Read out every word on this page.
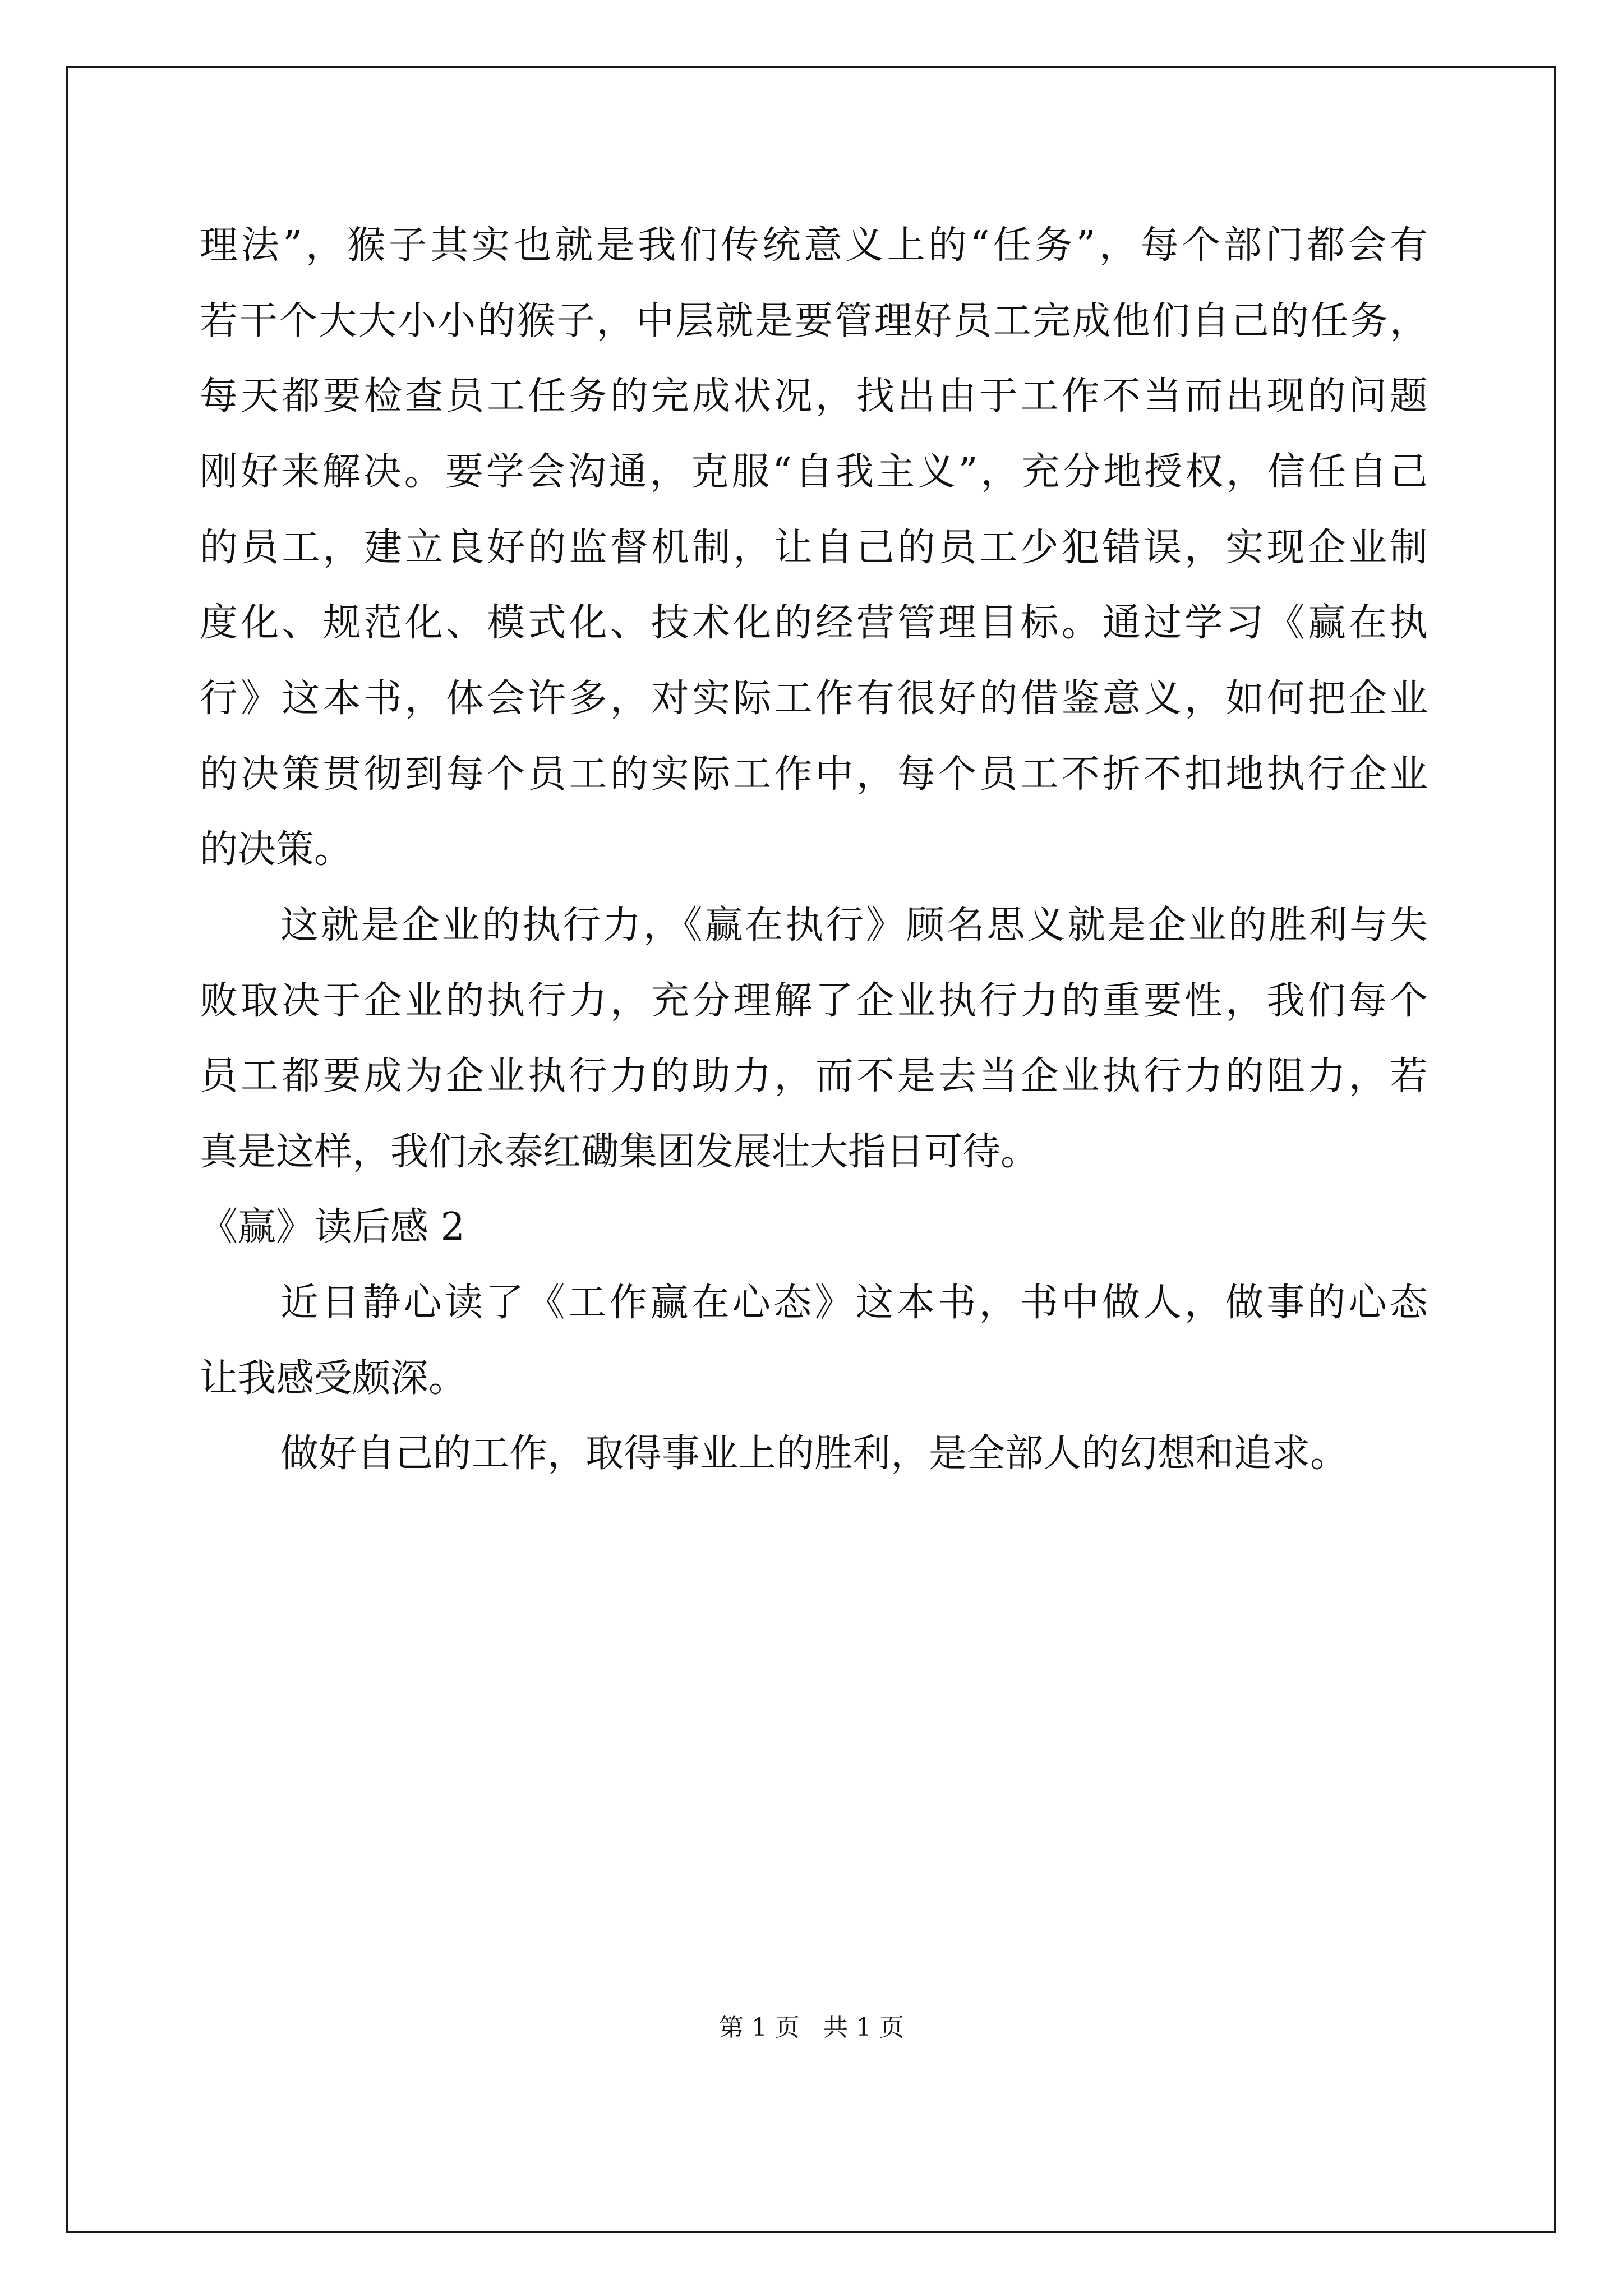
理法”，猴子其实也就是我们传统意义上的“任务”，每个部门都会有
若干个大大小小的猴子，中层就是要管理好员工完成他们自己的任务，
每天都要检查员工任务的完成状况，找出由于工作不当而出现的问题
刚好来解决。要学会沟通，克服“自我主义”，充分地授权，信任自己
的员工，建立良好的监督机制，让自己的员工少犯错误，实现企业制
度化、规范化、模式化、技术化的经营管理目标。通过学习《赢在执
行》这本书，体会许多，对实际工作有很好的借鉴意义，如何把企业
的决策贯彻到每个员工的实际工作中，每个员工不折不扣地执行企业
的决策。
这就是企业的执行力，《赢在执行》顾名思义就是企业的胜利与失
败取决于企业的执行力，充分理解了企业执行力的重要性，我们每个
员工都要成为企业执行力的助力，而不是去当企业执行力的阻力，若
真是这样，我们永泰红磡集团发展壮大指日可待。
《赢》读后感 2
近日静心读了《工作赢在心态》这本书，书中做人，做事的心态
让我感受颇深。
做好自己的工作，取得事业上的胜利，是全部人的幻想和追求。
第 1 页   共 1 页
